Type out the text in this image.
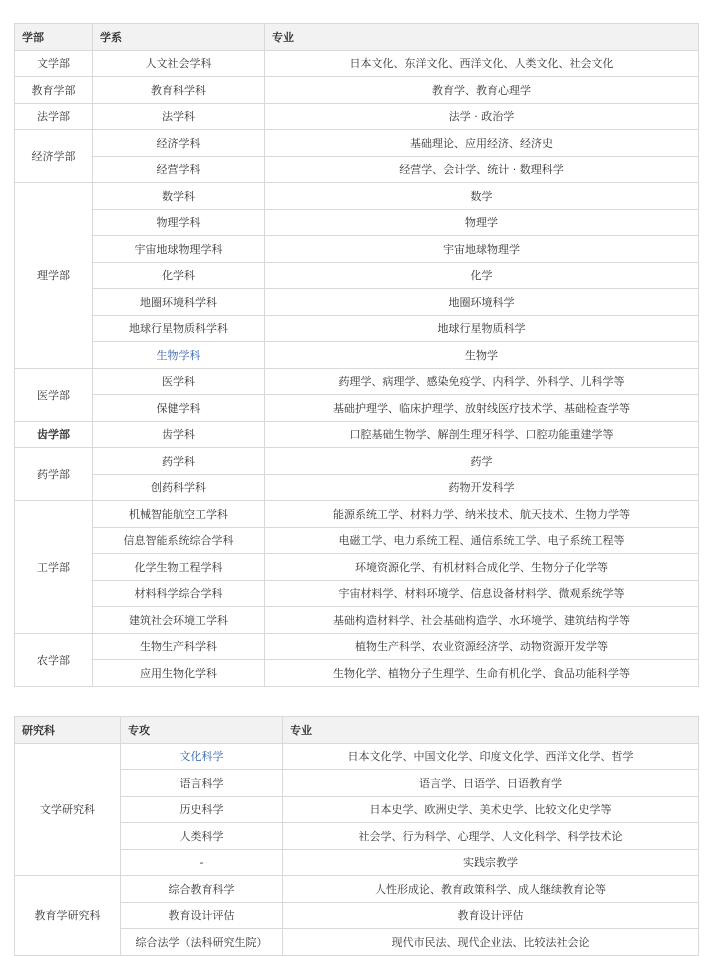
学部	学系	专业
文学部	人文社会学科	日本文化、东洋文化、西洋文化、人类文化、社会文化
教育学部	教育科学科	教育学、教育心理学
法学部	法学科	法学 · 政治学
经济学部	经济学科	基础理论、应用经济、经济史
	经营学科	经营学、会计学、统计 · 数理科学
理学部	数学科	数学
	物理学科	物理学
	宇宙地球物理学科	宇宙地球物理学
	化学科	化学
	地圈环境科学科	地圈环境科学
	地球行星物质科学科	地球行星物质科学
	生物学科	生物学
医学部	医学科	药理学、病理学、感染免疫学、内科学、外科学、儿科学等
	保健学科	基础护理学、临床护理学、放射线医疗技术学、基础检查学等
齿学部	齿学科	口腔基础生物学、解剖生理牙科学、口腔功能重建学等
药学部	药学科	药学
	创药科学科	药物开发科学
工学部	机械智能航空工学科	能源系统工学、材料力学、纳米技术、航天技术、生物力学等
	信息智能系统综合学科	电磁工学、电力系统工程、通信系统工学、电子系统工程等
	化学生物工程学科	环境资源化学、有机材料合成化学、生物分子化学等
	材料科学综合学科	宇宙材料学、材料环境学、信息设备材料学、微观系统学等
	建筑社会环境工学科	基础构造材料学、社会基础构造学、水环境学、建筑结构学等
农学部	生物生产科学科	植物生产科学、农业资源经济学、动物资源开发学等
	应用生物化学科	生物化学、植物分子生理学、生命有机化学、食品功能科学等
研究科	专攻	专业
文学研究科	文化科学	日本文化学、中国文化学、印度文化学、西洋文化学、哲学
	语言科学	语言学、日语学、日语教育学
	历史科学	日本史学、欧洲史学、美术史学、比较文化史学等
	人类科学	社会学、行为科学、心理学、人文化科学、科学技术论
	-	实践宗教学
教育学研究科	综合教育科学	人性形成论、教育政策科学、成人继续教育论等
	教育设计评估	教育设计评估
	综合法学（法科研究生院）	现代市民法、现代企业法、比较法社会论
